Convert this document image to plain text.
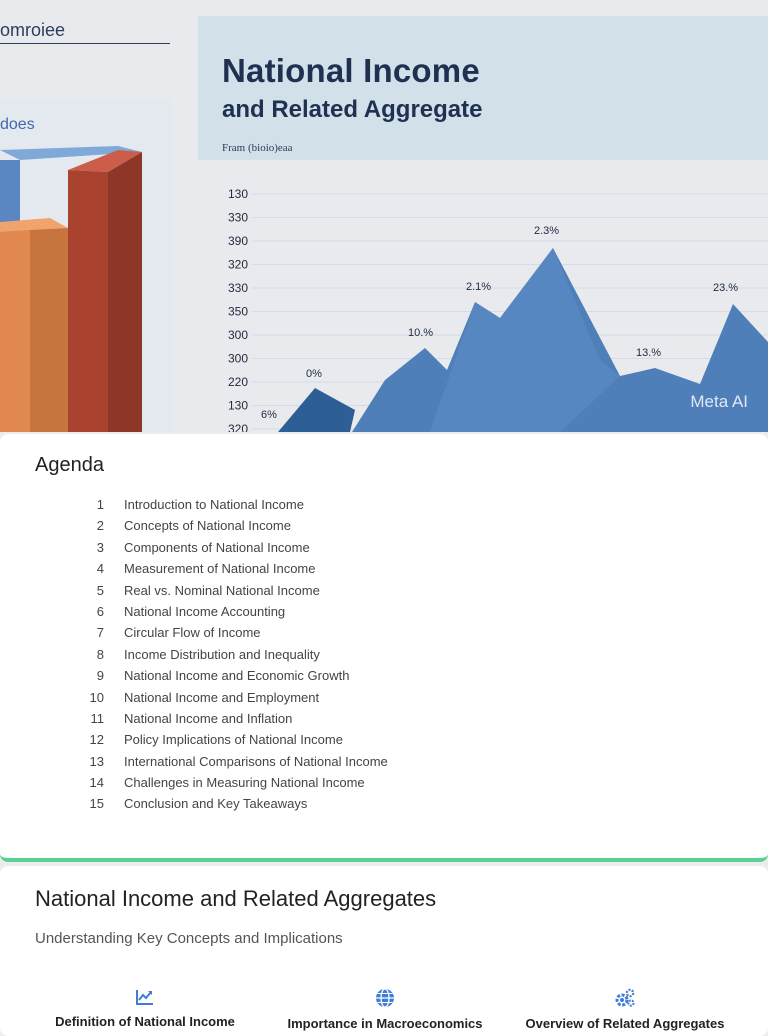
130
330
390
320
330
350
300
300
220
130
320
omroiee
does
National Income
and Related Aggregate
Fram (bioio)eaa
6%
0%
10.%
2.1%
2.3%
13.%
23.%
Meta AI
Agenda
1 Introduction to National Income
2 Concepts of National Income
3 Components of National Income
4 Measurement of National Income
5 Real vs. Nominal National Income
6 National Income Accounting
7 Circular Flow of Income
8 Income Distribution and Inequality
9 National Income and Economic Growth
10 National Income and Employment
11 National Income and Inflation
12 Policy Implications of National Income
13 International Comparisons of National Income
14 Challenges in Measuring National Income
15 Conclusion and Key Takeaways
National Income and Related Aggregates
Understanding Key Concepts and Implications
Definition of National Income	Importance in Macroeconomics	Overview of Related Aggregates
